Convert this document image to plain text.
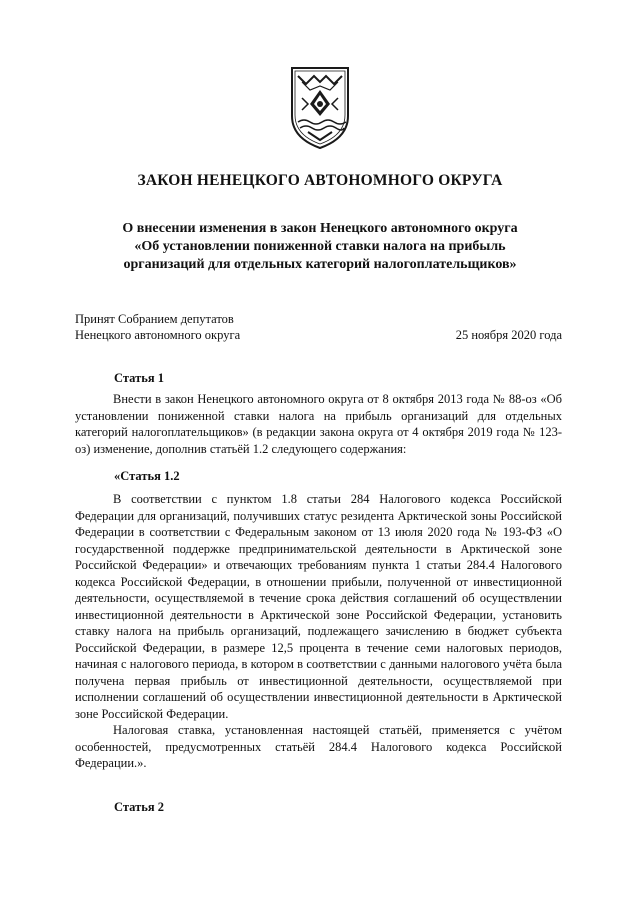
ЗАКОН НЕНЕЦКОГО АВТОНОМНОГО ОКРУГА
О внесении изменения в закон Ненецкого автономного округа
«Об установлении пониженной ставки налога на прибыль
организаций для отдельных категорий налогоплательщиков»
Принят Собранием депутатов
Ненецкого автономного округа	25 ноября 2020 года
Статья 1

Внести в закон Ненецкого автономного округа от 8 октября 2013 года № 88-оз «Об установлении пониженной ставки налога на прибыль организаций для отдельных категорий налогоплательщиков» (в редакции закона округа от 4 октября 2019 года № 123-оз) изменение, дополнив статьёй 1.2 следующего содержания:

«Статья 1.2

В соответствии с пунктом 1.8 статьи 284 Налогового кодекса Российской Федерации для организаций, получивших статус резидента Арктической зоны Российской Федерации в соответствии с Федеральным законом от 13 июля 2020 года № 193-ФЗ «О государственной поддержке предпринимательской деятельности в Арктической зоне Российской Федерации» и отвечающих требованиям пункта 1 статьи 284.4 Налогового кодекса Российской Федерации, в отношении прибыли, полученной от инвестиционной деятельности, осуществляемой в течение срока действия соглашений об осуществлении инвестиционной деятельности в Арктической зоне Российской Федерации, установить ставку налога на прибыль организаций, подлежащего зачислению в бюджет субъекта Российской Федерации, в размере 12,5 процента в течение семи налоговых периодов, начиная с налогового периода, в котором в соответствии с данными налогового учёта была получена первая прибыль от инвестиционной деятельности, осуществляемой при исполнении соглашений об осуществлении инвестиционной деятельности в Арктической зоне Российской Федерации.

Налоговая ставка, установленная настоящей статьёй, применяется с учётом особенностей, предусмотренных статьёй 284.4 Налогового кодекса Российской Федерации.».

Статья 2
